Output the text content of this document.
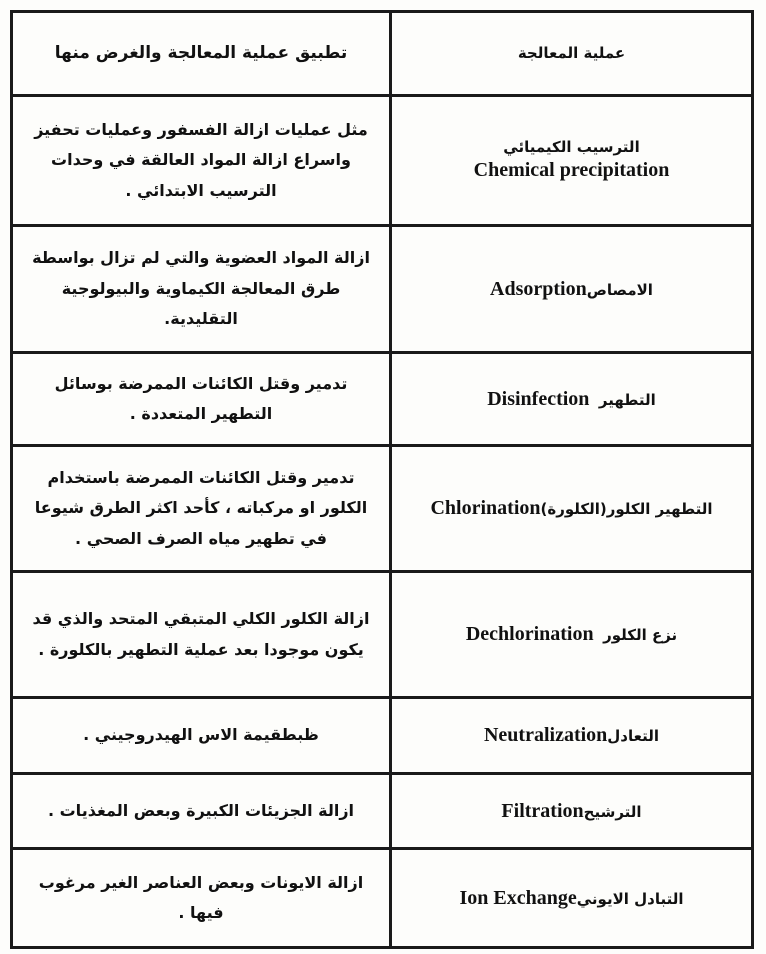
عملية المعالجة	تطبيق عملية المعالجة والغرض منها

الترسيب الكيميائي
Chemical precipitation	مثل عمليات ازالة الفسفور وعمليات تحفيز واسراع ازالة المواد العالقة في وحدات الترسيب الابتدائي .
الامصاصAdsorption	ازالة المواد العضوية والتي لم تزال بواسطة طرق المعالجة الكيماوية والبيولوجية التقليدية.
التطهير  Disinfection	تدمير وقتل الكائنات الممرضة بوسائل التطهير المتعددة .
التطهير الكلور(الكلورة)Chlorination	تدمير وقتل الكائنات الممرضة باستخدام الكلور او مركباته ، كأحد اكثر الطرق شيوعا في تطهير مياه الصرف الصحي .
نزع الكلور  Dechlorination	ازالة الكلور الكلي المتبقي المتحد والذي قد يكون موجودا بعد عملية التطهير بالكلورة .
التعادلNeutralization	ظبطقيمة الاس الهيدروجيني .
الترشيحFiltration	ازالة الجزيئات الكبيرة وبعض المغذيات .
التبادل الايونيIon Exchange	ازالة الايونات وبعض العناصر الغير مرغوب فيها .
